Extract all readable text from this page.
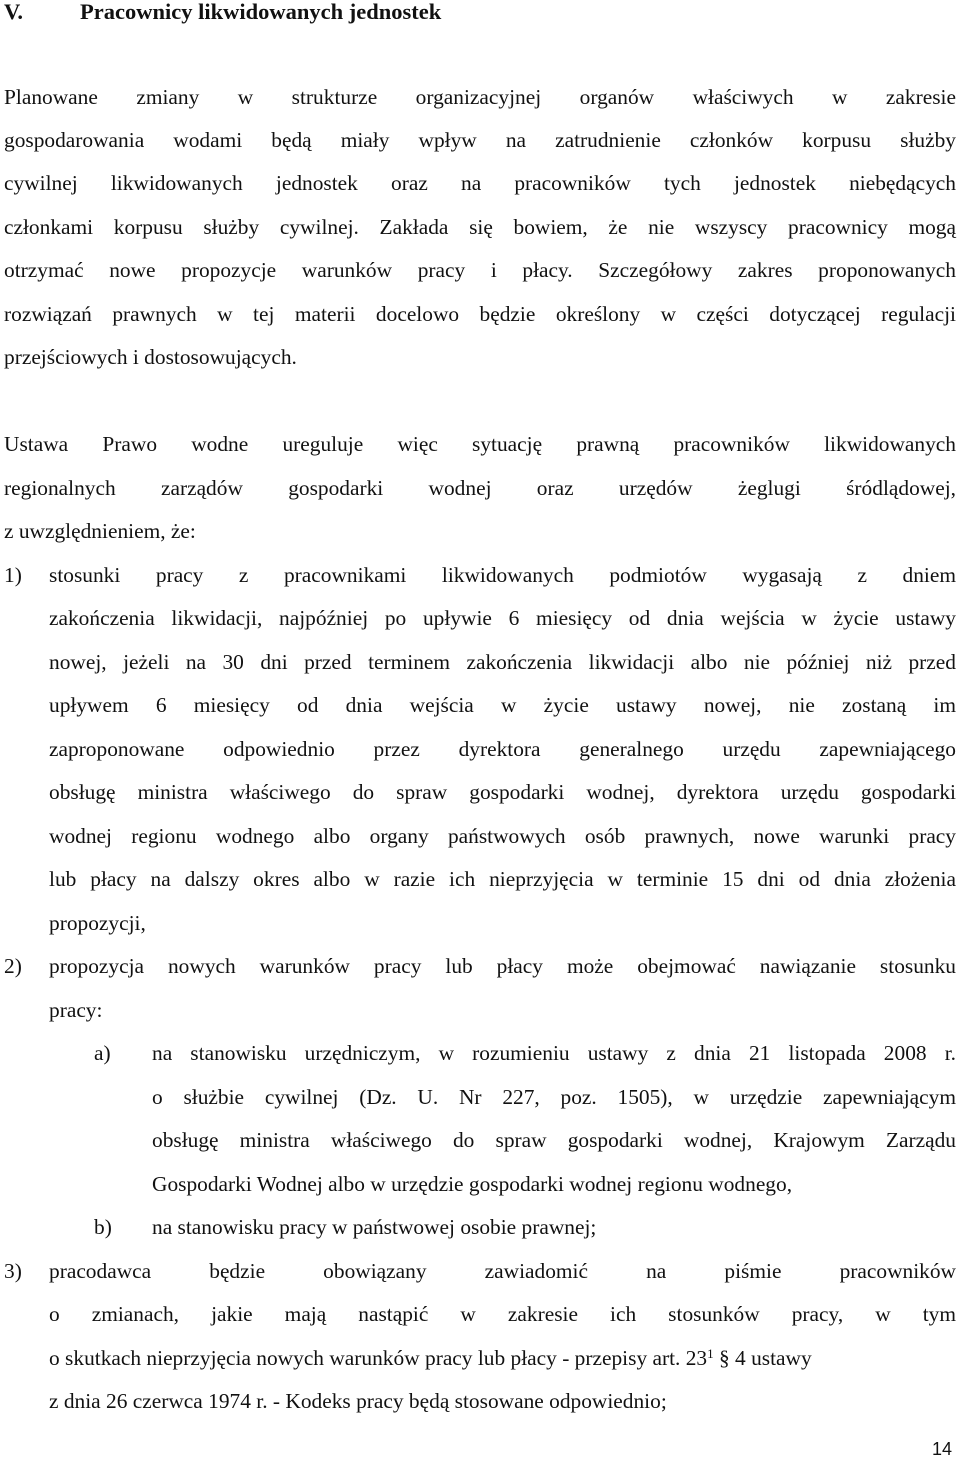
V.	Pracownicy likwidowanych jednostek
Planowane zmiany w strukturze organizacyjnej organów właściwych w zakresie
gospodarowania wodami będą miały wpływ na zatrudnienie członków korpusu służby
cywilnej likwidowanych jednostek oraz na pracowników tych jednostek niebędących
członkami korpusu służby cywilnej. Zakłada się bowiem, że nie wszyscy pracownicy mogą
otrzymać nowe propozycje warunków pracy i płacy. Szczegółowy zakres proponowanych
rozwiązań prawnych w tej materii docelowo będzie określony w części dotyczącej regulacji
przejściowych i dostosowujących.
Ustawa Prawo wodne ureguluje więc sytuację prawną pracowników likwidowanych
regionalnych zarządów gospodarki wodnej oraz urzędów żeglugi śródlądowej,
z uwzględnieniem, że:
1) stosunki pracy z pracownikami likwidowanych podmiotów wygasają z dniem
zakończenia likwidacji, najpóźniej po upływie 6 miesięcy od dnia wejścia w życie ustawy
nowej, jeżeli na 30 dni przed terminem zakończenia likwidacji albo nie później niż przed
upływem 6 miesięcy od dnia wejścia w życie ustawy nowej, nie zostaną im
zaproponowane odpowiednio przez dyrektora generalnego urzędu zapewniającego
obsługę ministra właściwego do spraw gospodarki wodnej, dyrektora urzędu gospodarki
wodnej regionu wodnego albo organy państwowych osób prawnych, nowe warunki pracy
lub płacy na dalszy okres albo w razie ich nieprzyjęcia w terminie 15 dni od dnia złożenia
propozycji,
2) propozycja nowych warunków pracy lub płacy może obejmować nawiązanie stosunku
pracy:
a) na stanowisku urzędniczym, w rozumieniu ustawy z dnia 21 listopada 2008 r.
o służbie cywilnej (Dz. U. Nr 227, poz. 1505), w urzędzie zapewniającym
obsługę ministra właściwego do spraw gospodarki wodnej, Krajowym Zarządu
Gospodarki Wodnej albo w urzędzie gospodarki wodnej regionu wodnego,
b) na stanowisku pracy w państwowej osobie prawnej;
3) pracodawca będzie obowiązany zawiadomić na piśmie pracowników
o zmianach, jakie mają nastąpić w zakresie ich stosunków pracy, w tym
o skutkach nieprzyjęcia nowych warunków pracy lub płacy - przepisy art. $23^1$ § 4 ustawy
z dnia 26 czerwca 1974 r. - Kodeks pracy będą stosowane odpowiednio;
14
